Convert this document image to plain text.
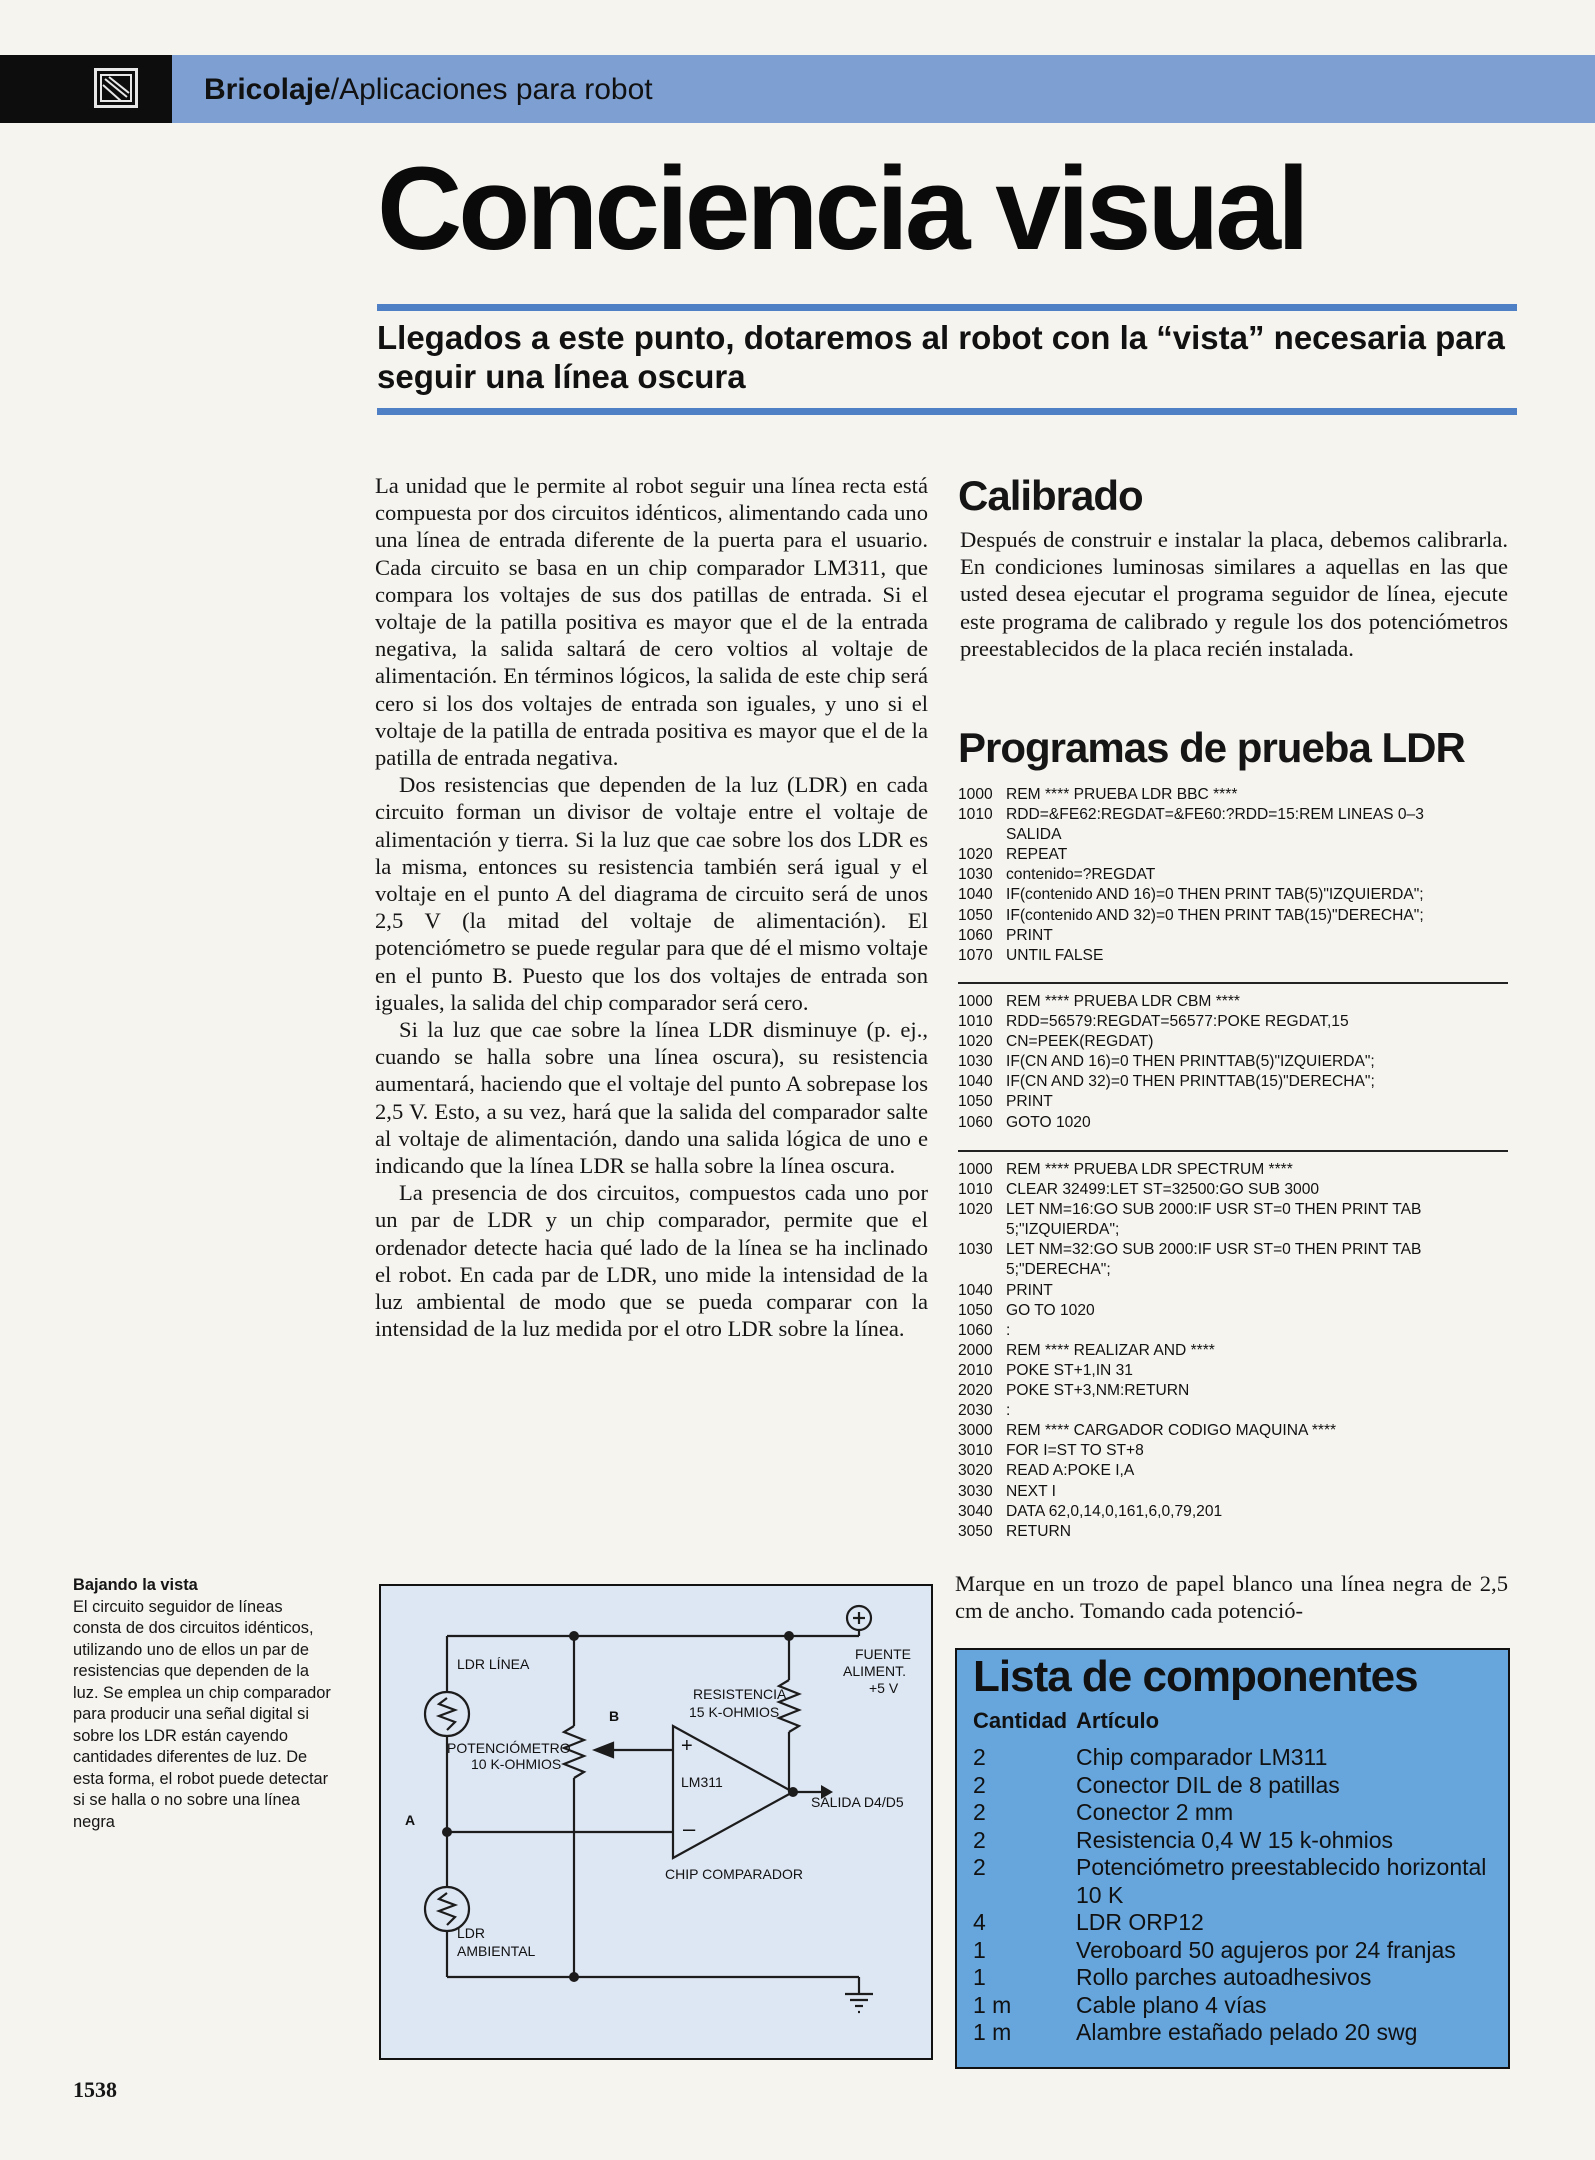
Bricolaje/Aplicaciones para robot
Conciencia visual
Llegados a este punto, dotaremos al robot con la “vista” necesaria para seguir una línea oscura

La unidad que le permite al robot seguir una línea recta está compuesta por dos circuitos idénticos, alimentando cada uno una línea de entrada diferente de la puerta para el usuario. Cada circuito se basa en un chip comparador LM311, que compara los voltajes de sus dos patillas de entrada. Si el voltaje de la patilla positiva es mayor que el de la entrada negativa, la salida saltará de cero voltios al voltaje de alimentación. En términos lógicos, la salida de este chip será cero si los dos voltajes de entrada son iguales, y uno si el voltaje de la patilla de entrada positiva es mayor que el de la patilla de entrada negativa.

Dos resistencias que dependen de la luz (LDR) en cada circuito forman un divisor de voltaje entre el voltaje de alimentación y tierra. Si la luz que cae sobre los dos LDR es la misma, entonces su resistencia también será igual y el voltaje en el punto A del diagrama de circuito será de unos 2,5 V (la mitad del voltaje de alimentación). El potenciómetro se puede regular para que dé el mismo voltaje en el punto B. Puesto que los dos voltajes de entrada son iguales, la salida del chip comparador será cero.

Si la luz que cae sobre la línea LDR disminuye (p. ej., cuando se halla sobre una línea oscura), su resistencia aumentará, haciendo que el voltaje del punto A sobrepase los 2,5 V. Esto, a su vez, hará que la salida del comparador salte al voltaje de alimentación, dando una salida lógica de uno e indicando que la línea LDR se halla sobre la línea oscura.

La presencia de dos circuitos, compuestos cada uno por un par de LDR y un chip comparador, permite que el ordenador detecte hacia qué lado de la línea se ha inclinado el robot. En cada par de LDR, uno mide la intensidad de la luz ambiental de modo que se pueda comparar con la intensidad de la luz medida por el otro LDR sobre la línea.

Calibrado
Después de construir e instalar la placa, debemos calibrarla. En condiciones luminosas similares a aquellas en las que usted desea ejecutar el programa seguidor de línea, ejecute este programa de calibrado y regule los dos potenciómetros preestablecidos de la placa recién instalada.
Programas de prueba LDR
1000 REM **** PRUEBA LDR BBC ****
1010 RDD=&FE62:REGDAT=&FE60:?RDD=15:REM LINEAS 0–3
SALIDA
1020 REPEAT
1030 contenido=?REGDAT
1040 IF(contenido AND 16)=0 THEN PRINT TAB(5)"IZQUIERDA";
1050 IF(contenido AND 32)=0 THEN PRINT TAB(15)"DERECHA";
1060 PRINT
1070 UNTIL FALSE
1000 REM **** PRUEBA LDR CBM ****
1010 RDD=56579:REGDAT=56577:POKE REGDAT,15
1020 CN=PEEK(REGDAT)
1030 IF(CN AND 16)=0 THEN PRINTTAB(5)"IZQUIERDA";
1040 IF(CN AND 32)=0 THEN PRINTTAB(15)"DERECHA";
1050 PRINT
1060 GOTO 1020
1000 REM **** PRUEBA LDR SPECTRUM ****
1010 CLEAR 32499:LET ST=32500:GO SUB 3000
1020 LET NM=16:GO SUB 2000:IF USR ST=0 THEN PRINT TAB
5;"IZQUIERDA";
1030 LET NM=32:GO SUB 2000:IF USR ST=0 THEN PRINT TAB
5;"DERECHA";
1040 PRINT
1050 GO TO 1020
1060 :
2000 REM **** REALIZAR AND ****
2010 POKE ST+1,IN 31
2020 POKE ST+3,NM:RETURN
2030 :
3000 REM **** CARGADOR CODIGO MAQUINA ****
3010 FOR I=ST TO ST+8
3020 READ A:POKE I,A
3030 NEXT I
3040 DATA 62,0,14,0,161,6,0,79,201
3050 RETURN
Marque en un trozo de papel blanco una línea negra de 2,5 cm de ancho. Tomando cada potenció-
Bajando la vista
El circuito seguidor de líneas consta de dos circuitos idénticos, utilizando uno de ellos un par de resistencias que dependen de la luz. Se emplea un chip comparador para producir una señal digital si sobre los LDR están cayendo cantidades diferentes de luz. De esta forma, el robot puede detectar si se halla o no sobre una línea negra
LDR LÍNEA
POTENCIÓMETRO
10 K-OHMIOS
RESISTENCIA
15 K-OHMIOS
FUENTE
ALIMENT.
+5 V
B
A
+
–
LM311
SALIDA D4/D5
CHIP COMPARADOR
LDR
AMBIENTAL
Lista de componentes
Cantidad Artículo
2	Chip comparador LM311
2	Conector DIL de 8 patillas
2	Conector 2 mm
2	Resistencia 0,4 W 15 k-ohmios
2	Potenciómetro preestablecido horizontal 10 K
4	LDR ORP12
1	Veroboard 50 agujeros por 24 franjas
1	Rollo parches autoadhesivos
1 m	Cable plano 4 vías
1 m	Alambre estañado pelado 20 swg
1538
